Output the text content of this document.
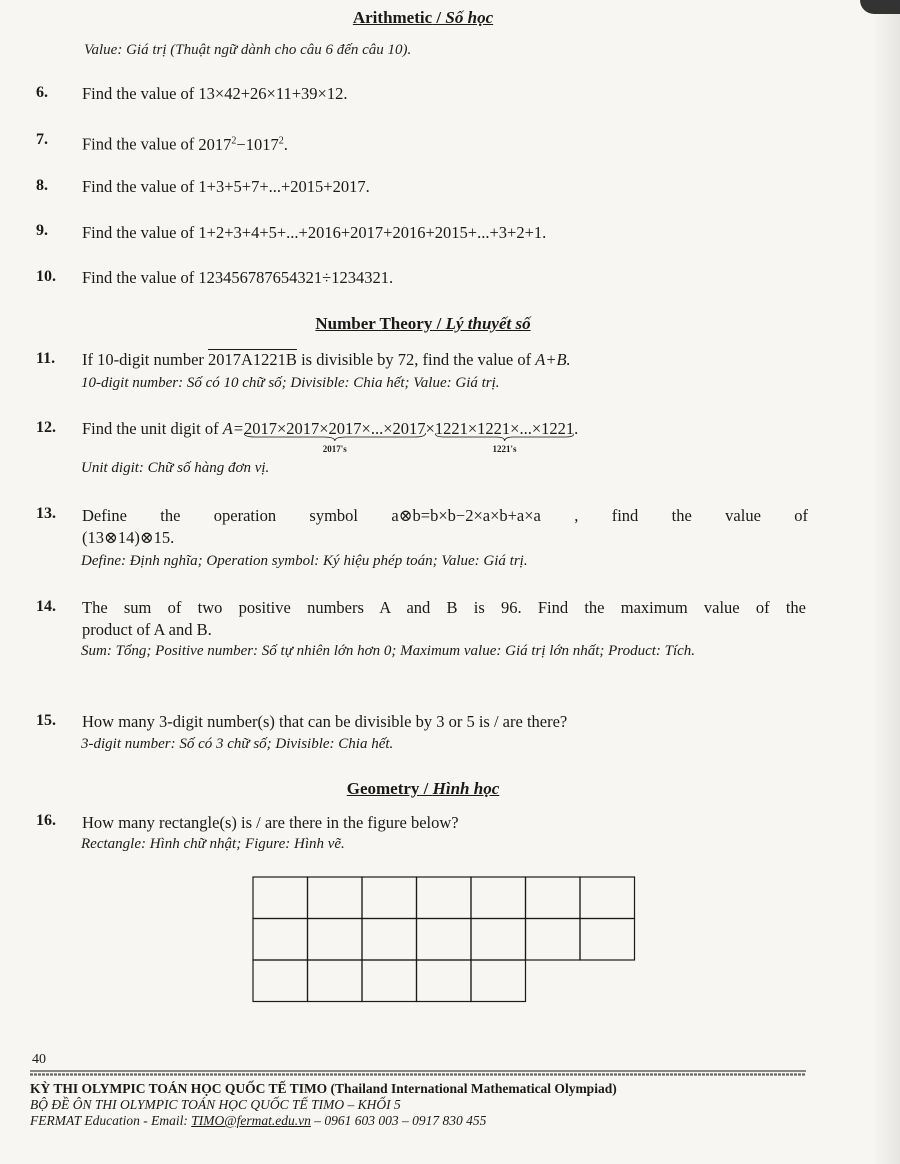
Arithmetic / Số học
Value: Giá trị (Thuật ngữ dành cho câu 6 đến câu 10).
6. Find the value of 13×42+26×11+39×12.
7. Find the value of $2017^2-1017^2$.
8. Find the value of 1+3+5+7+...+2015+2017.
9. Find the value of 1+2+3+4+5+...+2016+2017+2016+2015+...+3+2+1.
10. Find the value of 123456787654321÷1234321.
Number Theory / Lý thuyết số
11. If 10-digit number 2017A1221B is divisible by 72, find the value of A+B.
10-digit number: Số có 10 chữ số; Divisible: Chia hết; Value: Giá trị.
12. Find the unit digit of A=2017×2017×2017×...×2017
2017's
×1221×1221×...×1221
1221's
.
Unit digit: Chữ số hàng đơn vị.
13. Define the operation symbol a⊗b=b×b−2×a×b+a×a , find the value of
(13⊗14)⊗15.
Define: Định nghĩa; Operation symbol: Ký hiệu phép toán; Value: Giá trị.
14. The sum of two positive numbers A and B is 96. Find the maximum value of the
product of A and B.
Sum: Tổng; Positive number: Số tự nhiên lớn hơn 0; Maximum value: Giá trị lớn nhất; Product: Tích.
15. How many 3-digit number(s) that can be divisible by 3 or 5 is / are there?
3-digit number: Số có 3 chữ số; Divisible: Chia hết.
Geometry / Hình học
16. How many rectangle(s) is / are there in the figure below?
Rectangle: Hình chữ nhật; Figure: Hình vẽ.
40
KỲ THI OLYMPIC TOÁN HỌC QUỐC TẾ TIMO (Thailand International Mathematical Olympiad)
BỘ ĐỀ ÔN THI OLYMPIC TOÁN HỌC QUỐC TẾ TIMO – KHỐI 5
FERMAT Education - Email: TIMO@fermat.edu.vn – 0961 603 003 – 0917 830 455
